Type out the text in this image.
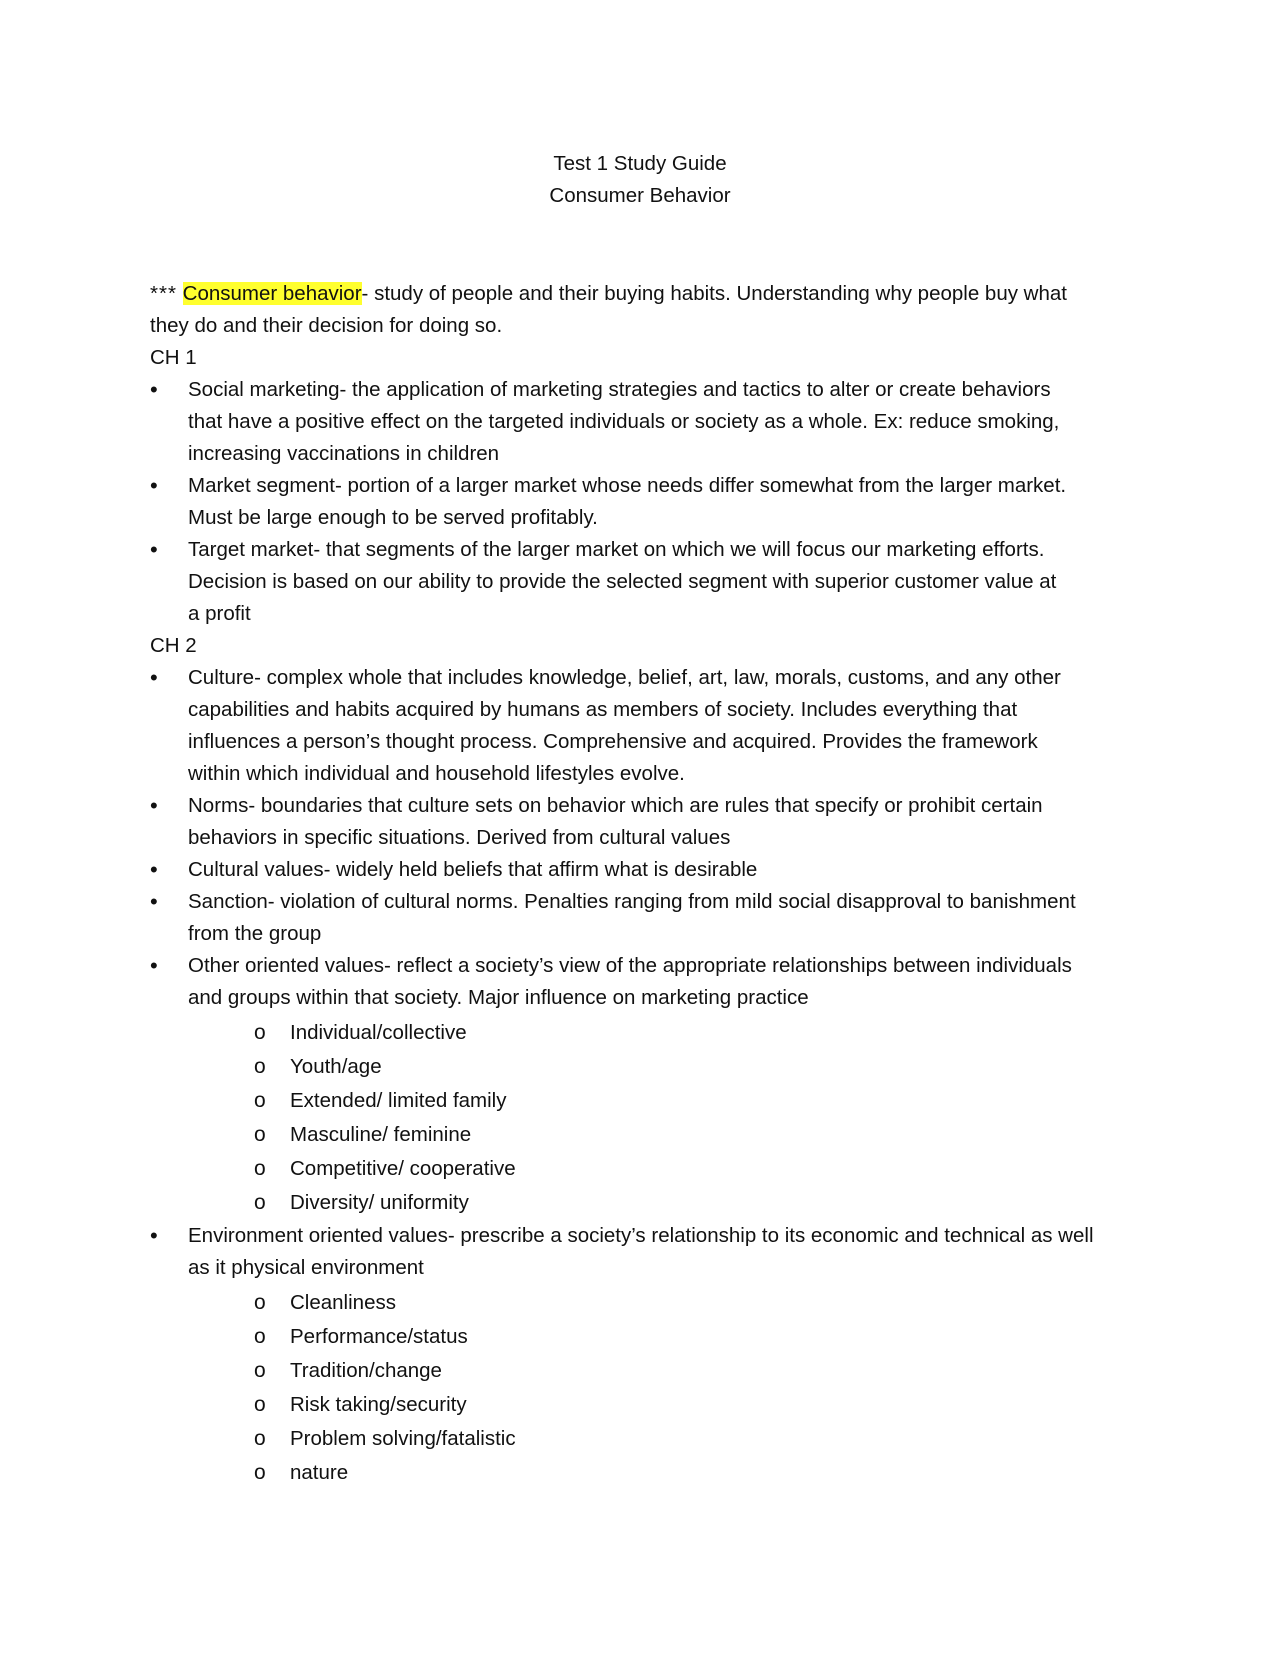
Test 1 Study Guide
Consumer Behavior
*** Consumer behavior- study of people and their buying habits. Understanding why people buy what
they do and their decision for doing so.
CH 1
•	Social marketing- the application of marketing strategies and tactics to alter or create behaviors
that have a positive effect on the targeted individuals or society as a whole. Ex: reduce smoking,
increasing vaccinations in children
•	Market segment- portion of a larger market whose needs differ somewhat from the larger market.
Must be large enough to be served profitably.
•	Target market- that segments of the larger market on which we will focus our marketing efforts.
Decision is based on our ability to provide the selected segment with superior customer value at
a profit
CH 2
•	Culture- complex whole that includes knowledge, belief, art, law, morals, customs, and any other
capabilities and habits acquired by humans as members of society. Includes everything that
influences a person’s thought process. Comprehensive and acquired. Provides the framework
within which individual and household lifestyles evolve.
•	Norms- boundaries that culture sets on behavior which are rules that specify or prohibit certain
behaviors in specific situations. Derived from cultural values
•	Cultural values- widely held beliefs that affirm what is desirable
•	Sanction- violation of cultural norms. Penalties ranging from mild social disapproval to banishment
from the group
•	Other oriented values- reflect a society’s view of the appropriate relationships between individuals
and groups within that society. Major influence on marketing practice
o Individual/collective
o Youth/age
o Extended/ limited family
o Masculine/ feminine
o Competitive/ cooperative
o Diversity/ uniformity
•	Environment oriented values- prescribe a society’s relationship to its economic and technical as well
as it physical environment
o Cleanliness
o Performance/status
o Tradition/change
o Risk taking/security
o Problem solving/fatalistic
o nature
